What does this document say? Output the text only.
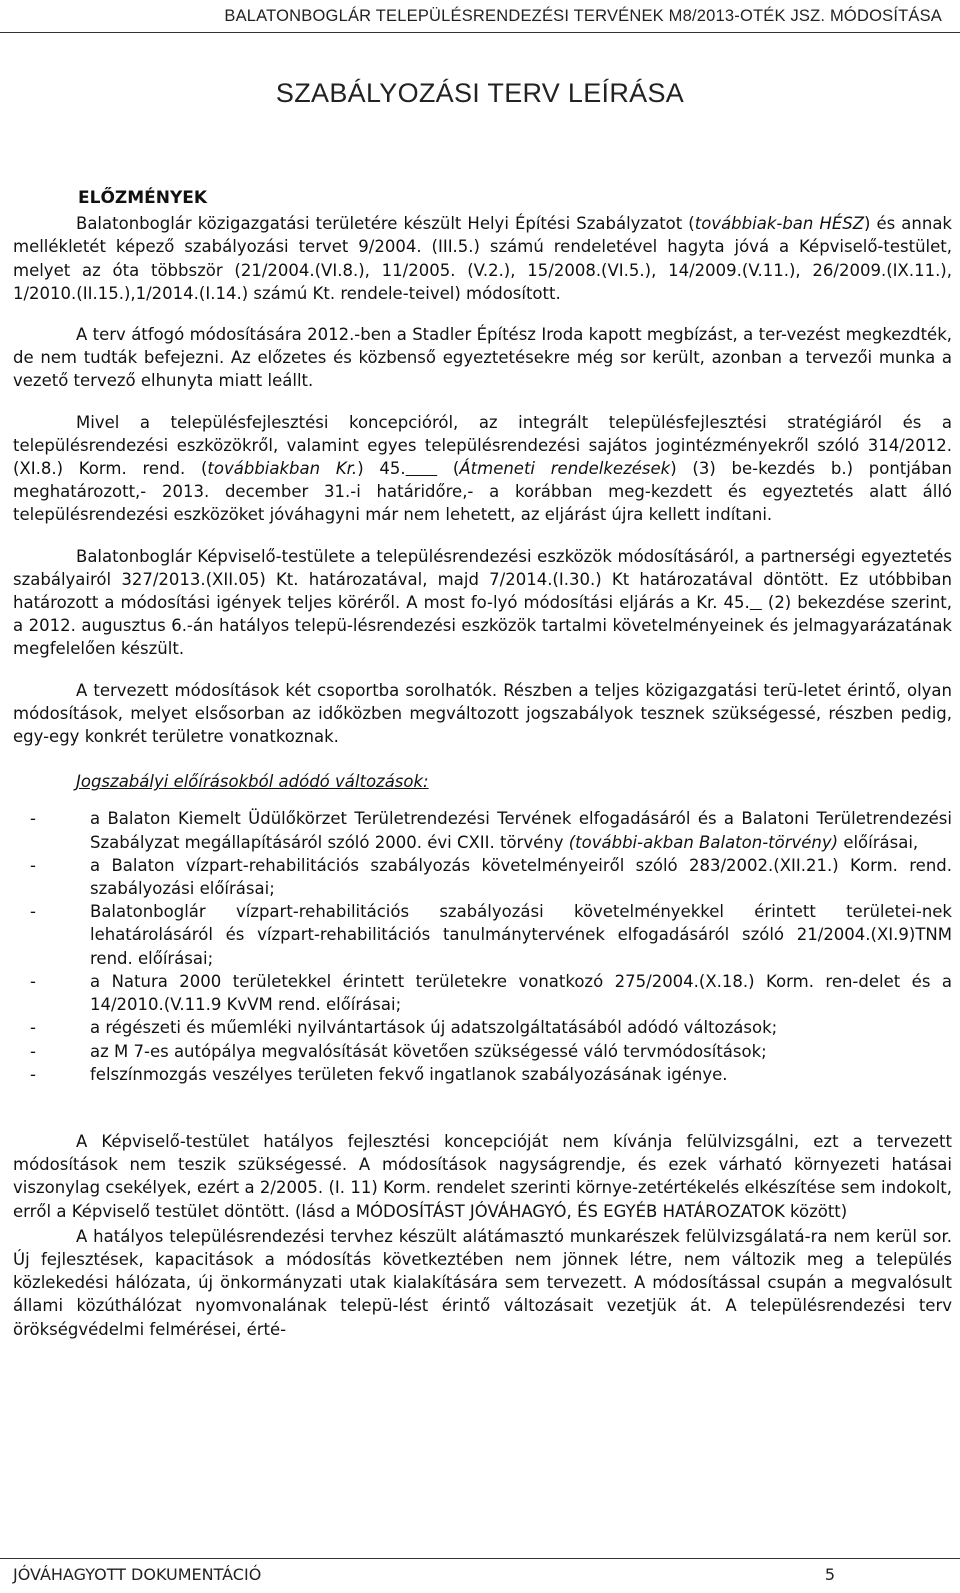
BALATONBOGLÁR TELEPÜLÉSRENDEZÉSI TERVÉNEK M8/2013-OTÉK JSZ. MÓDOSÍTÁSA
SZABÁLYOZÁSI TERV LEÍRÁSA
ELŐZMÉNYEK

Balatonboglár közigazgatási területére készült Helyi Építési Szabályzatot (továbbiak-ban HÉSZ) és annak mellékletét képező szabályozási tervet 9/2004. (III.5.) számú rendeletével hagyta jóvá a Képviselő-testület, melyet az óta többször (21/2004.(VI.8.), 11/2005. (V.2.), 15/2008.(VI.5.), 14/2009.(V.11.), 26/2009.(IX.11.), 1/2010.(II.15.),1/2014.(I.14.) számú Kt. rendele-teivel) módosított.

A terv átfogó módosítására 2012.-ben a Stadler Építész Iroda kapott megbízást, a ter-vezést megkezdték, de nem tudták befejezni. Az előzetes és közbenső egyeztetésekre még sor került, azonban a tervezői munka a vezető tervező elhunyta miatt leállt.

Mivel a településfejlesztési koncepcióról, az integrált településfejlesztési stratégiáról és a településrendezési eszközökről, valamint egyes településrendezési sajátos jogintézményekről szóló 314/2012.(XI.8.) Korm. rend. (továbbiakban Kr.) 45.   (Átmeneti rendelkezések) (3) be-kezdés b.) pontjában meghatározott,- 2013. december 31.-i határidőre,- a korábban meg-kezdett és egyeztetés alatt álló településrendezési eszközöket jóváhagyni már nem lehetett, az eljárást újra kellett indítani.

Balatonboglár Képviselő-testülete a településrendezési eszközök módosításáról, a partnerségi egyeztetés szabályairól 327/2013.(XII.05) Kt. határozatával, majd 7/2014.(I.30.) Kt határozatával döntött. Ez utóbbiban határozott a módosítási igények teljes köréről. A most fo-lyó módosítási eljárás a Kr. 45.   (2) bekezdése szerint, a 2012. augusztus 6.-án hatályos telepü-lésrendezési eszközök tartalmi követelményeinek és jelmagyarázatának megfelelően készült.

A tervezett módosítások két csoportba sorolhatók. Részben a teljes közigazgatási terü-letet érintő, olyan módosítások, melyet elsősorban az időközben megváltozott jogszabályok tesznek szükségessé, részben pedig, egy-egy konkrét területre vonatkoznak.

Jogszabályi előírásokból adódó változások:
-	a Balaton Kiemelt Üdülőkörzet Területrendezési Tervének elfogadásáról és a Balatoni Területrendezési Szabályzat megállapításáról szóló 2000. évi CXII. törvény (további-akban Balaton-törvény) előírásai,
-	a Balaton vízpart-rehabilitációs szabályozás követelményeiről szóló 283/2002.(XII.21.) Korm. rend. szabályozási előírásai;
-	Balatonboglár vízpart-rehabilitációs szabályozási követelményekkel érintett területei-nek lehatárolásáról és vízpart-rehabilitációs tanulmánytervének elfogadásáról szóló 21/2004.(XI.9)TNM rend. előírásai;
-	a Natura 2000 területekkel érintett területekre vonatkozó 275/2004.(X.18.) Korm. ren-delet és a 14/2010.(V.11.9 KvVM rend. előírásai;
-	a régészeti és műemléki nyilvántartások új adatszolgáltatásából adódó változások;
-	az M 7-es autópálya megvalósítását követően szükségessé váló tervmódosítások;
-	felszínmozgás veszélyes területen fekvő ingatlanok szabályozásának igénye.

A Képviselő-testület hatályos fejlesztési koncepcióját nem kívánja felülvizsgálni, ezt a tervezett módosítások nem teszik szükségessé. A módosítások nagyságrendje, és ezek várható környezeti hatásai viszonylag csekélyek, ezért a 2/2005. (I. 11) Korm. rendelet szerinti környe-zetértékelés elkészítése sem indokolt, erről a Képviselő testület döntött. (lásd a MÓDOSÍTÁST JÓVÁHAGYÓ, ÉS EGYÉB HATÁROZATOK között)

A hatályos településrendezési tervhez készült alátámasztó munkarészek felülvizsgálatá-ra nem kerül sor. Új fejlesztések, kapacitások a módosítás következtében nem jönnek létre, nem változik meg a település közlekedési hálózata, új önkormányzati utak kialakítására sem tervezett. A módosítással csupán a megvalósult állami közúthálózat nyomvonalának telepü-lést érintő változásait vezetjük át. A településrendezési terv örökségvédelmi felmérései, érté-

JÓVÁHAGYOTT DOKUMENTÁCIÓ	5
